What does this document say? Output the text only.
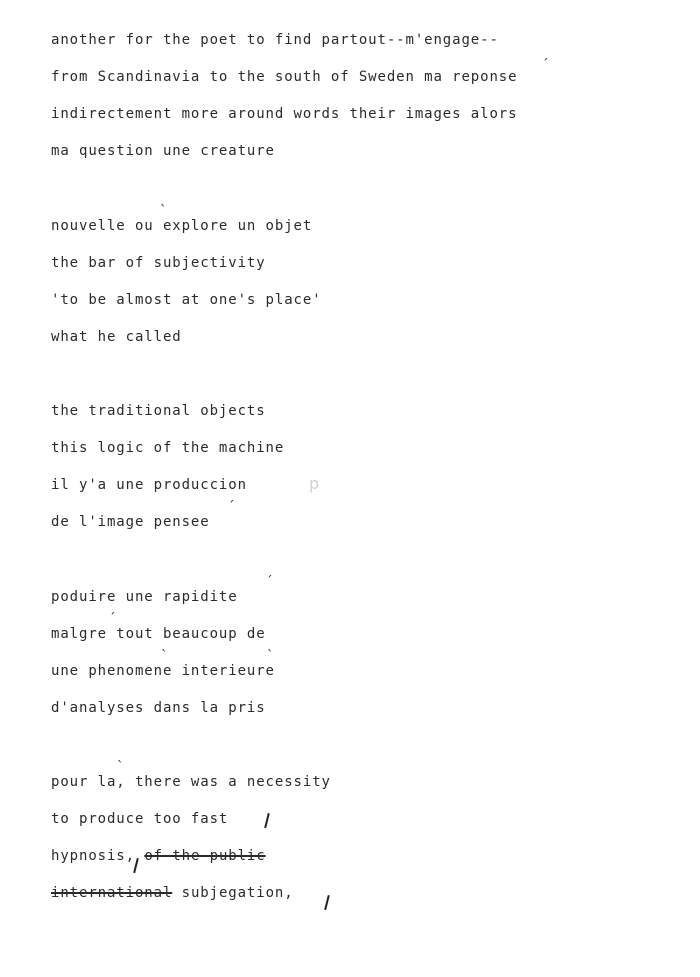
another for the poet to find partout--m'engage--
from Scandinavia to the south of Sweden ma reponse
indirectement more around words their images alors
ma question une creature
nouvelle ou explore un objet
the bar of subjectivity
'to be almost at one's place'
what he called
the traditional objects
this logic of the machine
il y'a une produccion
de l'image pensee
poduire une rapidite
malgre tout beaucoup de
une phenomene interieure
d'analyses dans la pris
pour la, there was a necessity
to produce too fast
hypnosis, of the public
international subjegation,
´
`
´
´
´
`	`
`
p
